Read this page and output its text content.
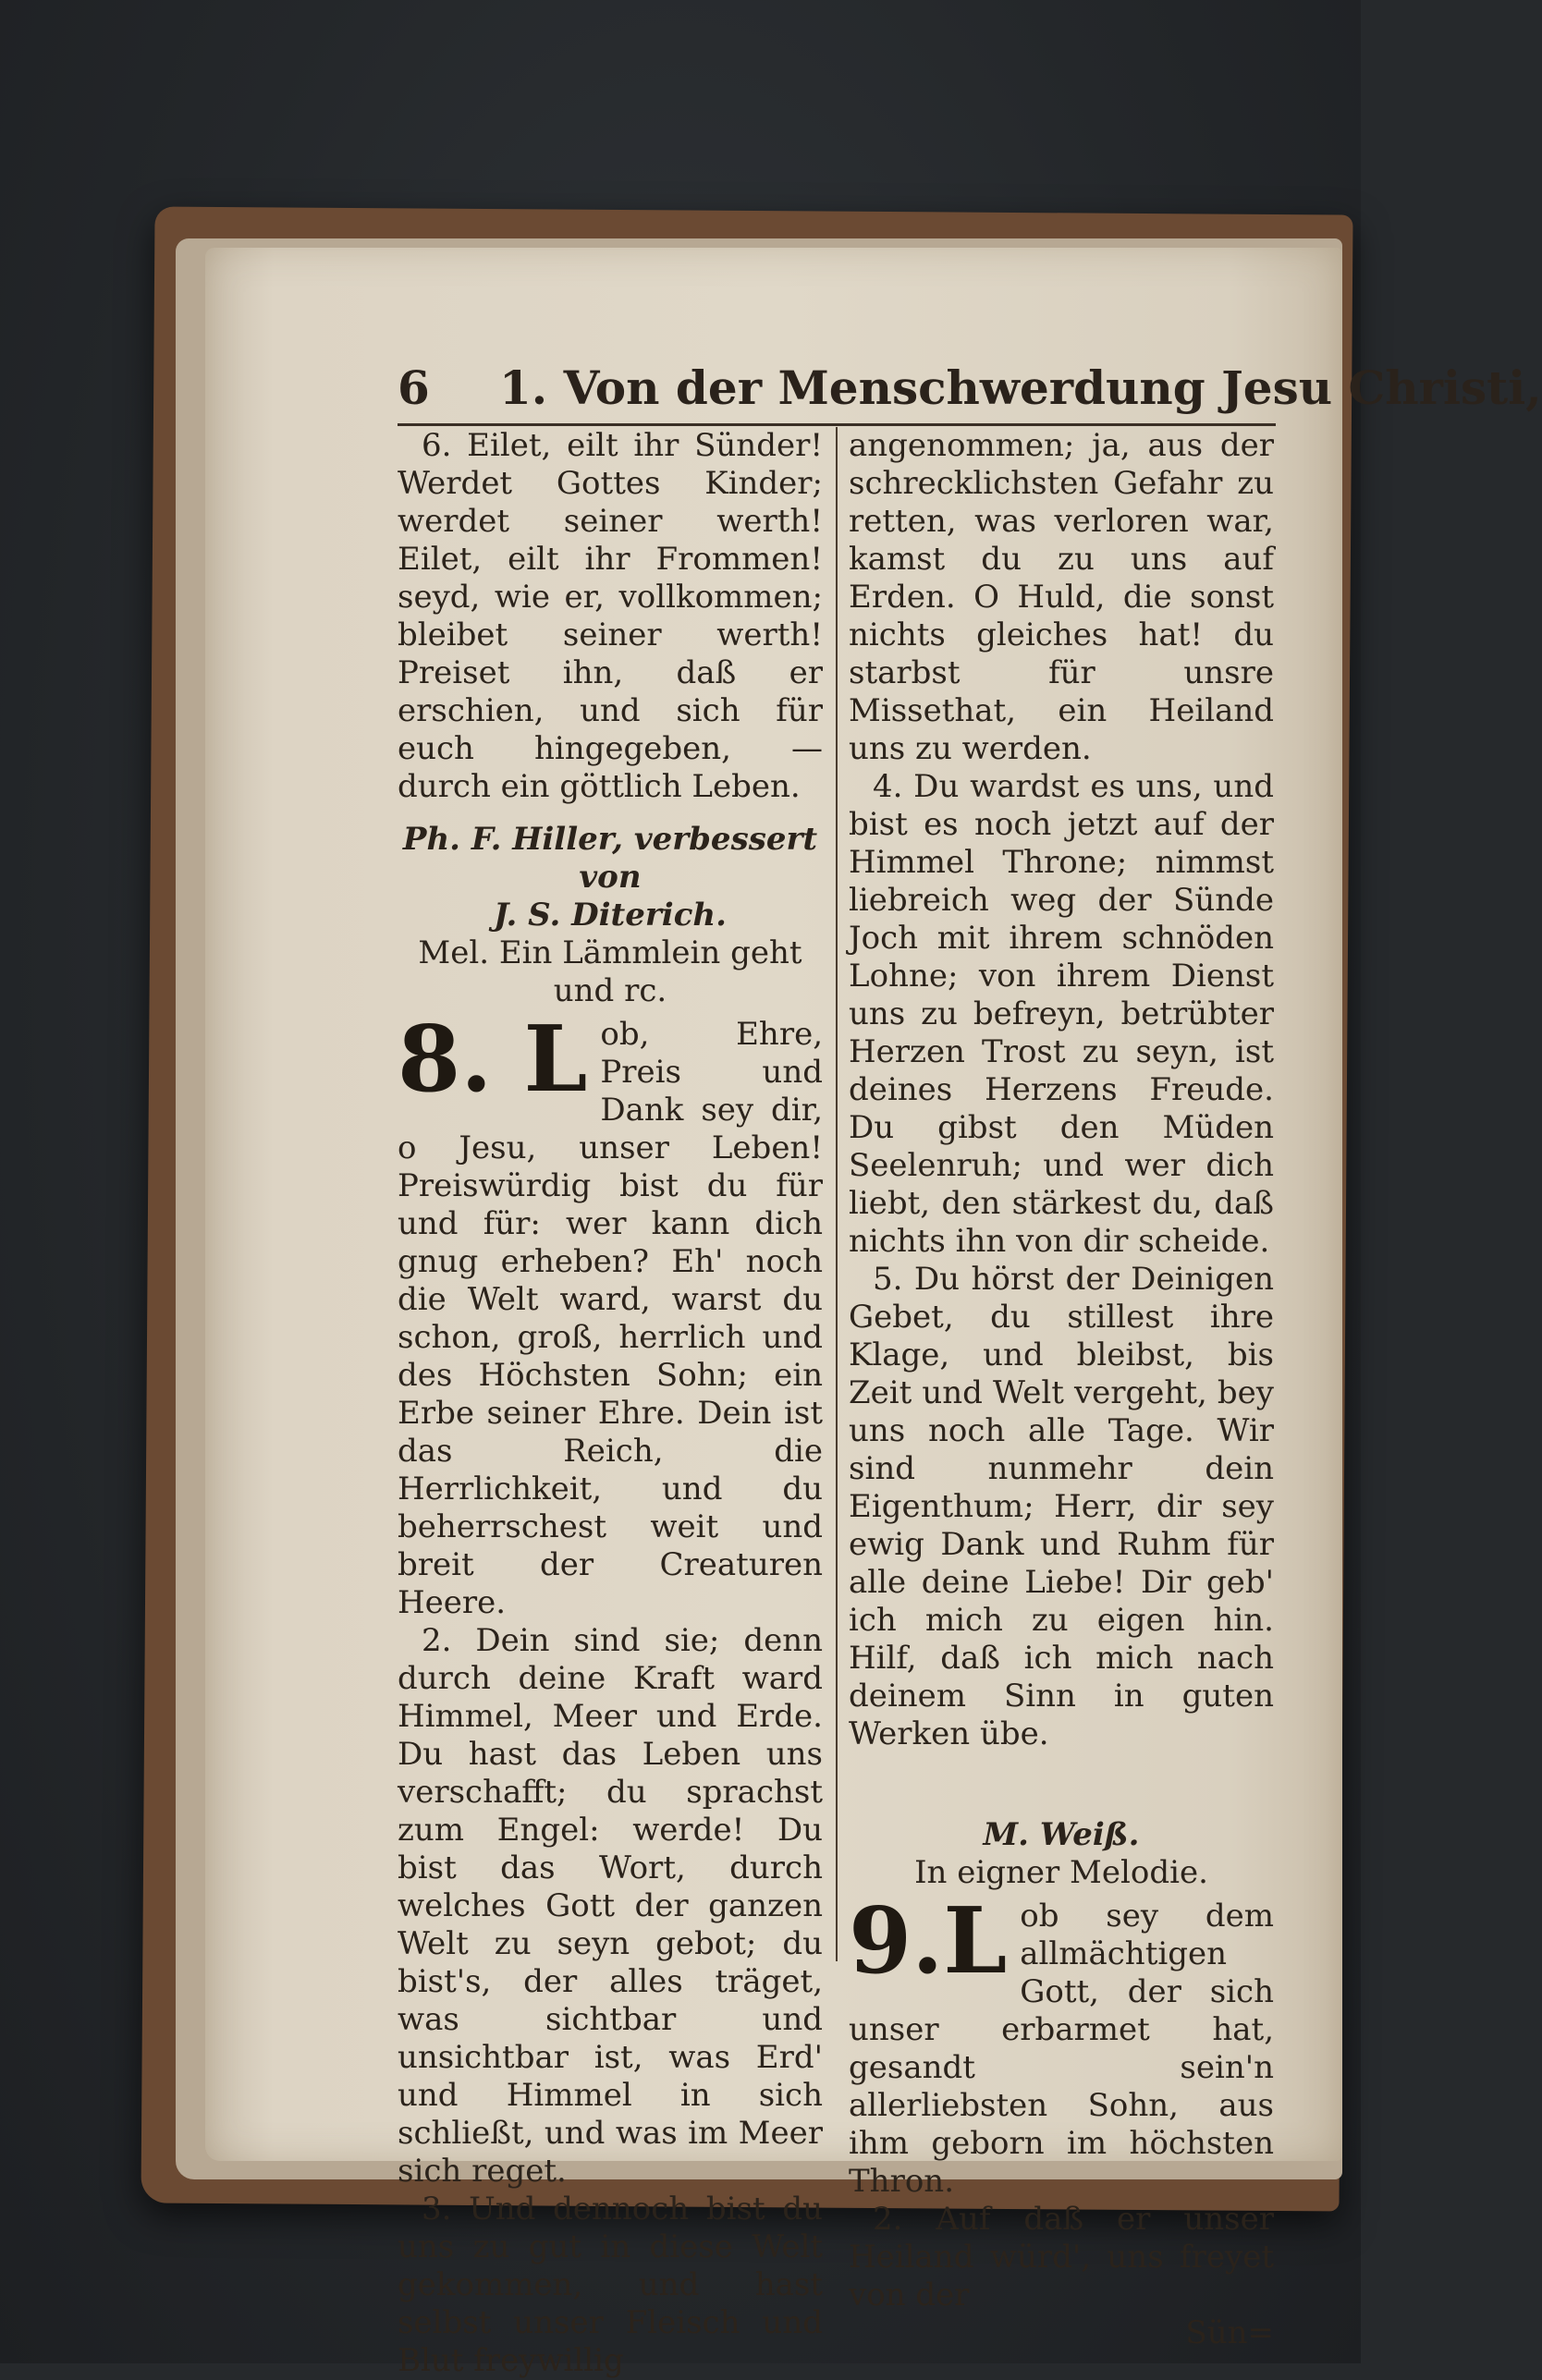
6 1. Von der Menschwerdung Jesu Christi,

6. Eilet, eilt ihr Sünder! Werdet Gottes Kinder; werdet seiner werth! Eilet, eilt ihr Frommen! seyd, wie er, vollkommen; bleibet seiner werth! Preiset ihn, daß er erschien, und sich für euch hingegeben, — durch ein göttlich Leben.

Ph. F. Hiller, verbessert von

J. S. Diterich.

Mel. Ein Lämmlein geht und rc.

8. L ob, Ehre, Preis und Dank sey dir, o Jesu, unser Leben! Preiswürdig bist du für und für: wer kann dich gnug erheben? Eh' noch die Welt ward, warst du schon, groß, herrlich und des Höchsten Sohn; ein Erbe seiner Ehre. Dein ist das Reich, die Herrlichkeit, und du beherrschest weit und breit der Creaturen Heere.

2. Dein sind sie; denn durch deine Kraft ward Himmel, Meer und Erde. Du hast das Leben uns verschafft; du sprachst zum Engel: werde! Du bist das Wort, durch welches Gott der ganzen Welt zu seyn gebot; du bist's, der alles träget, was sichtbar und unsichtbar ist, was Erd' und Himmel in sich schließt, und was im Meer sich reget.

3. Und dennoch bist du uns zu gut in diese Welt gekommen, und hast selbst unser Fleisch und Blut freywillig

angenommen; ja, aus der schrecklichsten Gefahr zu retten, was verloren war, kamst du zu uns auf Erden. O Huld, die sonst nichts gleiches hat! du starbst für unsre Missethat, ein Heiland uns zu werden.

4. Du wardst es uns, und bist es noch jetzt auf der Himmel Throne; nimmst liebreich weg der Sünde Joch mit ihrem schnöden Lohne; von ihrem Dienst uns zu befreyn, betrübter Herzen Trost zu seyn, ist deines Herzens Freude. Du gibst den Müden Seelenruh; und wer dich liebt, den stärkest du, daß nichts ihn von dir scheide.

5. Du hörst der Deinigen Gebet, du stillest ihre Klage, und bleibst, bis Zeit und Welt vergeht, bey uns noch alle Tage. Wir sind nunmehr dein Eigenthum; Herr, dir sey ewig Dank und Ruhm für alle deine Liebe! Dir geb' ich mich zu eigen hin. Hilf, daß ich mich nach deinem Sinn in guten Werken übe.

M. Weiß.

In eigner Melodie.

9.L ob sey dem allmächtigen Gott, der sich unser erbarmet hat, gesandt sein'n allerliebsten Sohn, aus ihm geborn im höchsten Thron.

2. Auf daß er unser Heiland würd', uns freyet von der

Sün=
